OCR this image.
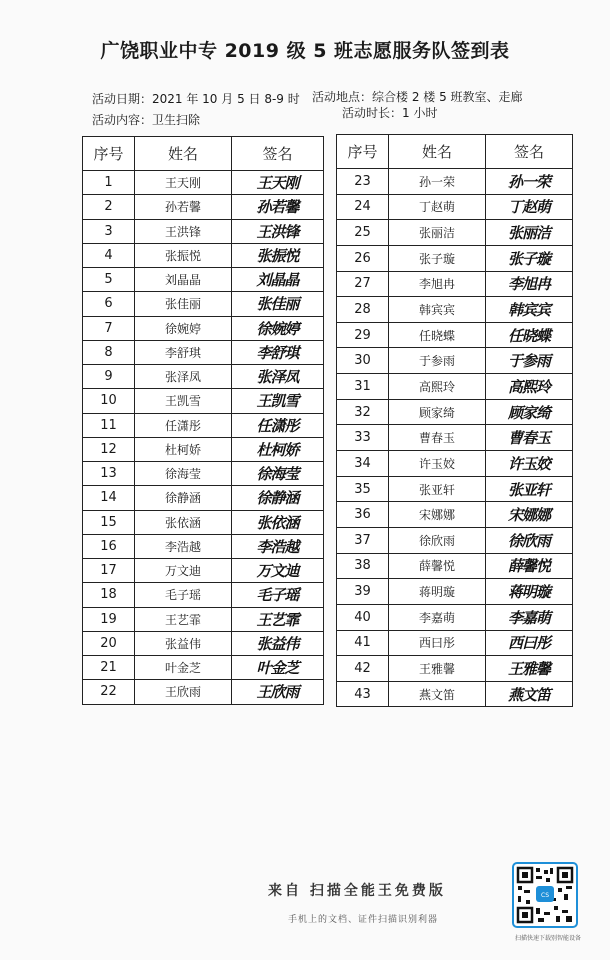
广饶职业中专 2019 级 5 班志愿服务队签到表
活动日期：2021 年 10 月 5 日 8-9 时 活动地点：综合楼 2 楼 5 班教室、走廊
活动内容：卫生扫除	活动时长：1 小时
序号	姓名	签名
1	王天刚	王天刚
2	孙若馨	孙若馨
3	王洪锋	王洪锋
4	张振悦	张振悦
5	刘晶晶	刘晶晶
6	张佳丽	张佳丽
7	徐婉婷	徐婉婷
8	李舒琪	李舒琪
9	张泽凤	张泽凤
10	王凯雪	王凯雪
11	任潇彤	任潇彤
12	杜柯娇	杜柯娇
13	徐海莹	徐海莹
14	徐静涵	徐静涵
15	张依涵	张依涵
16	李浩越	李浩越
17	万文迪	万文迪
18	毛子瑶	毛子瑶
19	王艺霏	王艺霏
20	张益伟	张益伟
21	叶金芝	叶金芝
22	王欣雨	王欣雨
序号	姓名	签名
23	孙一荣	孙一荣
24	丁赵萌	丁赵萌
25	张丽洁	张丽洁
26	张子璇	张子璇
27	李旭冉	李旭冉
28	韩宾宾	韩宾宾
29	任晓蝶	任晓蝶
30	于参雨	于参雨
31	高熙玲	高熙玲
32	顾家绮	顾家绮
33	曹春玉	曹春玉
34	许玉姣	许玉姣
35	张亚轩	张亚轩
36	宋娜娜	宋娜娜
37	徐欣雨	徐欣雨
38	薛馨悦	薛馨悦
39	蒋明璇	蒋明璇
40	李嘉萌	李嘉萌
41	西曰彤	西曰彤
42	王雅馨	王雅馨
43	燕文笛	燕文笛
来自 扫描全能王免费版
手机上的文档、证件扫描识别利器
CS
扫描快速下载别智能设备
